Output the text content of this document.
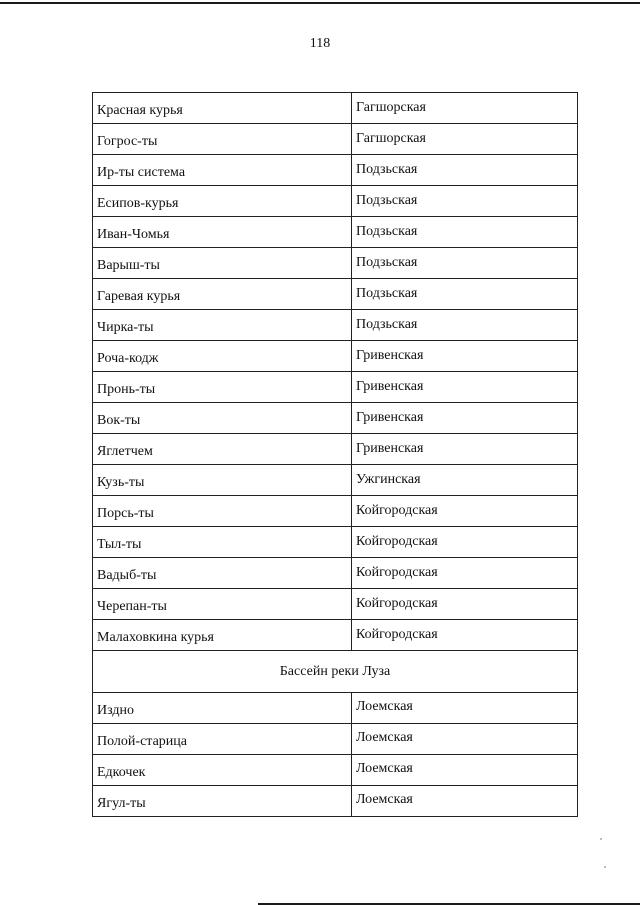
118
Красная курья	Гагшорская
Гогрос-ты	Гагшорская
Ир-ты система	Подзьская
Есипов-курья	Подзьская
Иван-Чомья	Подзьская
Варыш-ты	Подзьская
Гаревая курья	Подзьская
Чирка-ты	Подзьская
Роча-кодж	Гривенская
Пронь-ты	Гривенская
Вок-ты	Гривенская
Яглетчем	Гривенская
Кузь-ты	Ужгинская
Порсь-ты	Койгородская
Тыл-ты	Койгородская
Вадыб-ты	Койгородская
Черепан-ты	Койгородская
Малаховкина курья	Койгородская
Бассейн реки Луза	
Издно	Лоемская
Полой-старица	Лоемская
Едкочек	Лоемская
Ягул-ты	Лоемская
